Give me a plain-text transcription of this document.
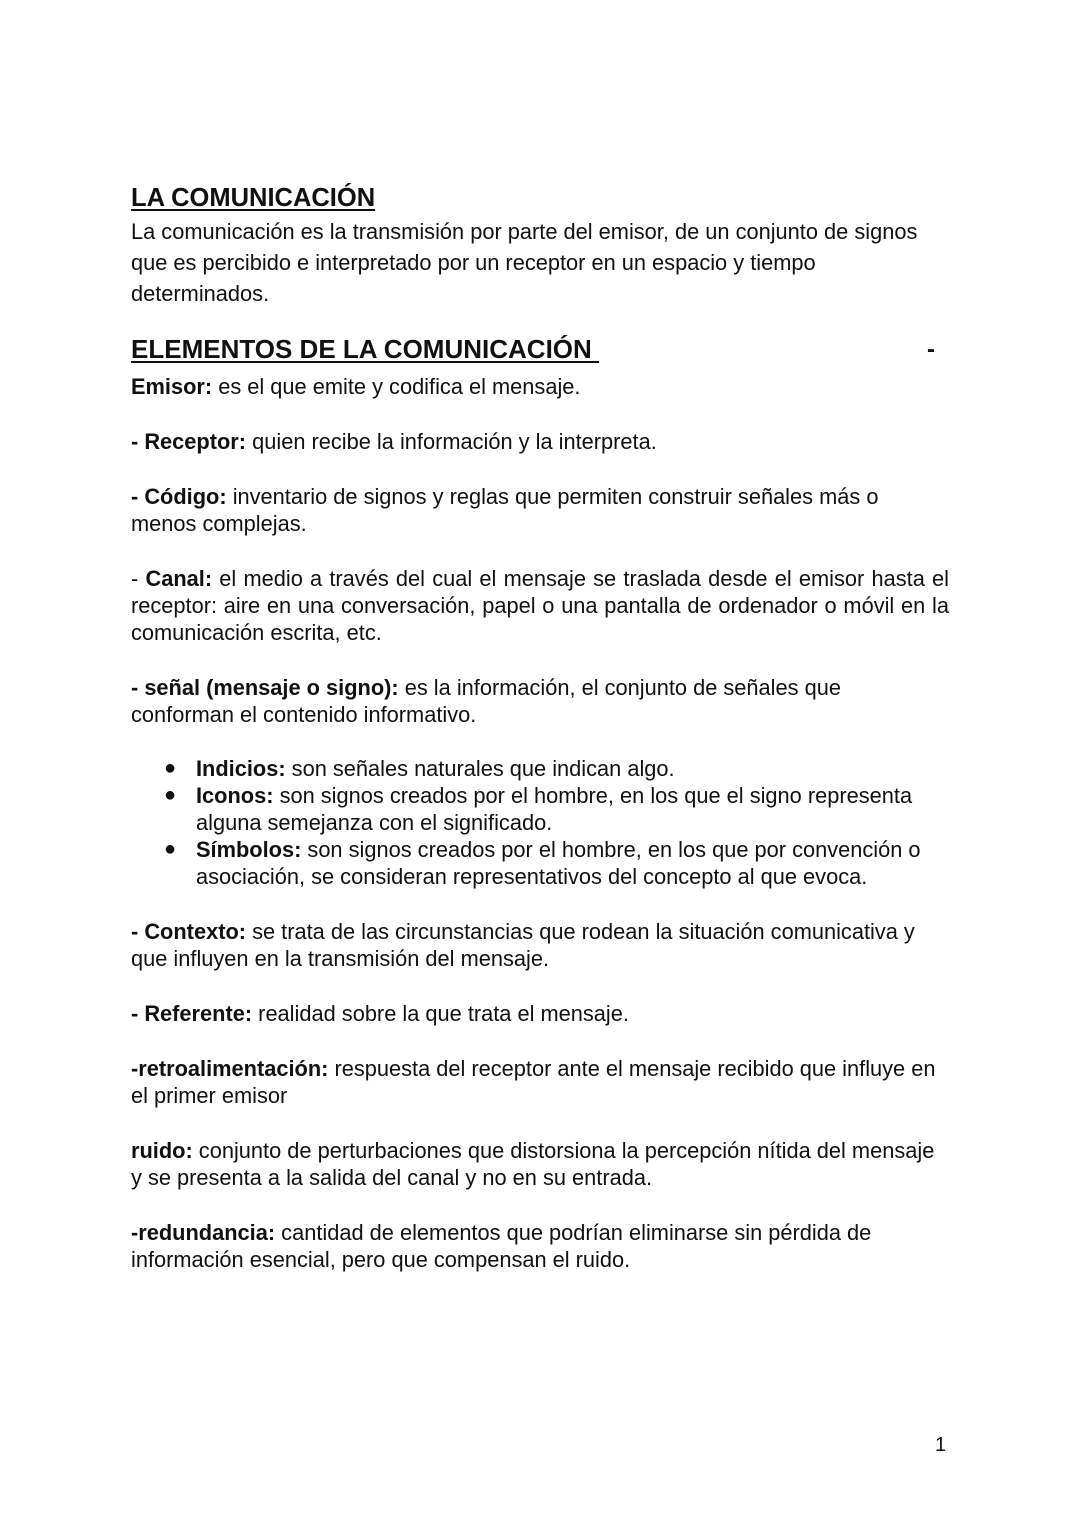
LA COMUNICACIÓN

La comunicación es la transmisión por parte del emisor, de un conjunto de signos que es percibido e interpretado por un receptor en un espacio y tiempo determinados.

ELEMENTOS DE LA COMUNICACIÓN	-

Emisor: es el que emite y codifica el mensaje.

- Receptor: quien recibe la información y la interpreta.

- Código: inventario de signos y reglas que permiten construir señales más o menos complejas.

- Canal: el medio a través del cual el mensaje se traslada desde el emisor hasta el receptor: aire en una conversación, papel o una pantalla de ordenador o móvil en la comunicación escrita, etc.

- señal (mensaje o signo): es la información, el conjunto de señales que conforman el contenido informativo.

● Indicios: son señales naturales que indican algo.
● Iconos: son signos creados por el hombre, en los que el signo representa alguna semejanza con el significado.
● Símbolos: son signos creados por el hombre, en los que por convención o asociación, se consideran representativos del concepto al que evoca.

- Contexto: se trata de las circunstancias que rodean la situación comunicativa y que influyen en la transmisión del mensaje.

- Referente: realidad sobre la que trata el mensaje.

-retroalimentación: respuesta del receptor ante el mensaje recibido que influye en el primer emisor

ruido: conjunto de perturbaciones que distorsiona la percepción nítida del mensaje y se presenta a la salida del canal y no en su entrada.

-redundancia: cantidad de elementos que podrían eliminarse sin pérdida de información esencial, pero que compensan el ruido.

1
